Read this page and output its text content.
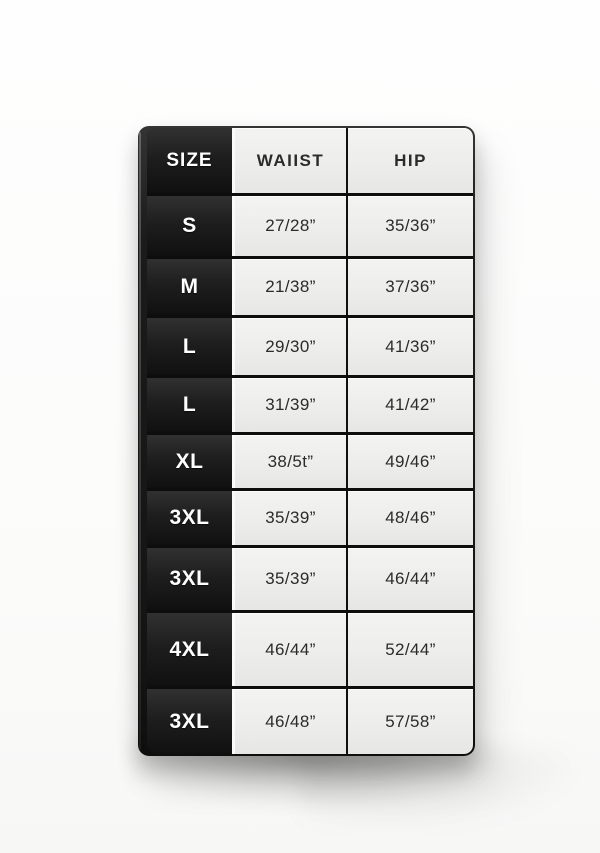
SIZE	WAIIST	HIP
S	27/28”	35/36”
M	21/38”	37/36”
L	29/30”	41/36”
L	31/39”	41/42”
XL	38/5t”	49/46”
3XL	35/39”	48/46”
3XL	35/39”	46/44”
4XL	46/44”	52/44”
3XL	46/48”	57/58”
